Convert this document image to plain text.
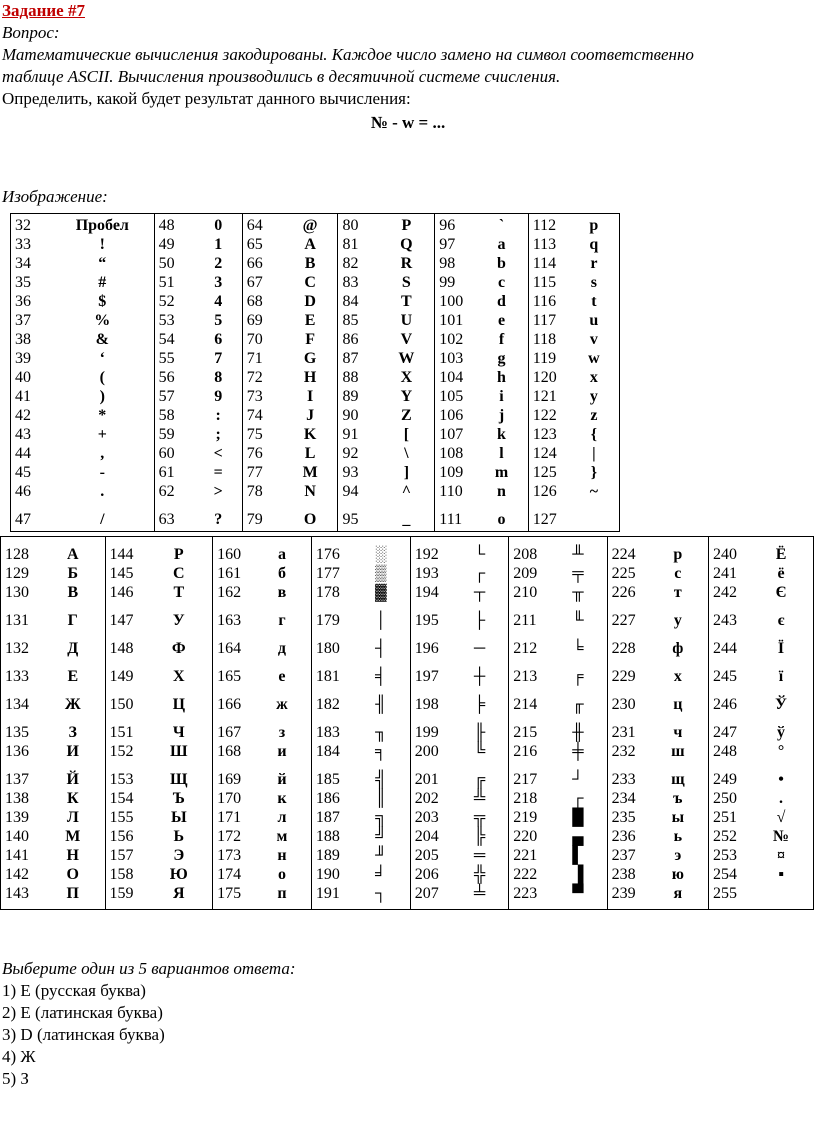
Задание #7
Вопрос:
Математические вычисления закодированы. Каждое число замено на символ соответственно
таблице ASCII. Вычисления производились в десятичной системе счисления.
Определить, какой будет результат данного вычисления:
№ - w = ...
Изображение:
32	Пробел
33	!
34	“
35	#
36	$
37	%
38	&
39	‘
40	(
41	)
42	*
43	+
44	,
45	-
46	.
47	/

48	0
49	1
50	2
51	3
52	4
53	5
54	6
55	7
56	8
57	9
58	:
59	;
60	<
61	=
62	>
63	?

64	@
65	A
66	B
67	C
68	D
69	E
70	F
71	G
72	H
73	I
74	J
75	K
76	L
77	M
78	N
79	O

80	P
81	Q
82	R
83	S
84	T
85	U
86	V
87	W
88	X
89	Y
90	Z
91	[
92	\
93	]
94	^
95	_

96	`
97	a
98	b
99	c
100	d
101	e
102	f
103	g
104	h
105	i
106	j
107	k
108	l
109	m
110	n
111	o

112	p
113	q
114	r
115	s
116	t
117	u
118	v
119	w
120	x
121	y
122	z
123	{
124	|
125	}
126	~
127
128	А
129	Б
130	В
131	Г
132	Д
133	Е
134	Ж
135	З
136	И
137	Й
138	К
139	Л
140	М
141	Н
142	О
143	П

144	Р
145	С
146	Т
147	У
148	Ф
149	Х
150	Ц
151	Ч
152	Ш
153	Щ
154	Ъ
155	Ы
156	Ь
157	Э
158	Ю
159	Я

160	а
161	б
162	в
163	г
164	д
165	е
166	ж
167	з
168	и
169	й
170	к
171	л
172	м
173	н
174	о
175	п

176	░
177	▒
178	▓
179	│
180	┤
181	╡
182	╢
183	╖
184	╕
185	╣
186	║
187	╗
188	╝
189	╜
190	╛
191	┐

192	└
193	┌
194	┬
195	├
196	─
197	┼
198	╞
199	╟
200	╚
201	╔
202	╩
203	╦
204	╠
205	═
206	╬
207	╧

208	╨
209	╤
210	╥
211	╙
212	╘
213	╒
214	╓
215	╫
216	╪
217	┘
218	┌
219	█
220	▄
221	▌
222	▐
223	▀

224	р
225	с
226	т
227	у
228	ф
229	х
230	ц
231	ч
232	ш
233	щ
234	ъ
235	ы
236	ь
237	э
238	ю
239	я

240	Ё
241	ё
242	Є
243	є
244	Ї
245	ї
246	Ў
247	ў
248	°
249	•
250	.
251	√
252	№
253	¤
254	▪
255
Выберите один из 5 вариантов ответа:
1) Е (русская буква)
2) E (латинская буква)
3) D (латинская буква)
4) Ж
5) З
